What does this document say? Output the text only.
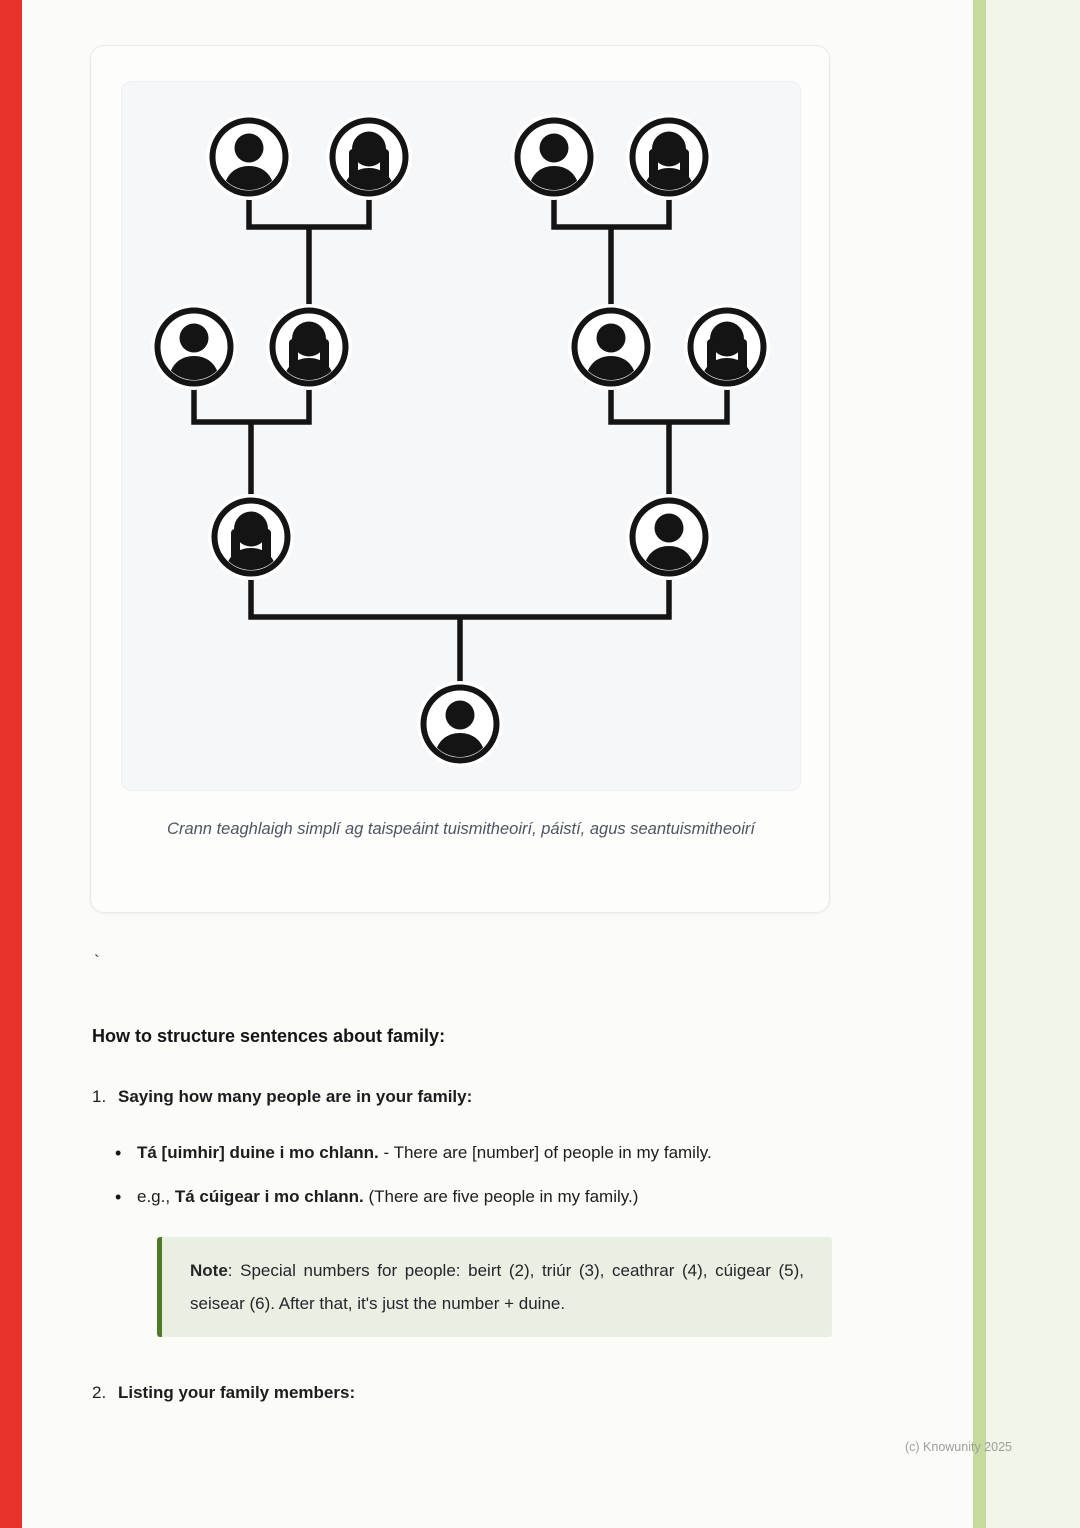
Crann teaghlaigh simplí ag taispeáint tuismitheoirí, páistí, agus seantuismitheoirí
`
How to structure sentences about family:
1. Saying how many people are in your family:
• Tá [uimhir] duine i mo chlann. - There are [number] of people in my family.
• e.g., Tá cúigear i mo chlann. (There are five people in my family.)
Note: Special numbers for people: beirt (2), triúr (3), ceathrar (4), cúigear (5), seisear (6). After that, it's just the number + duine.
2. Listing your family members:
(c) Knowunity 2025
